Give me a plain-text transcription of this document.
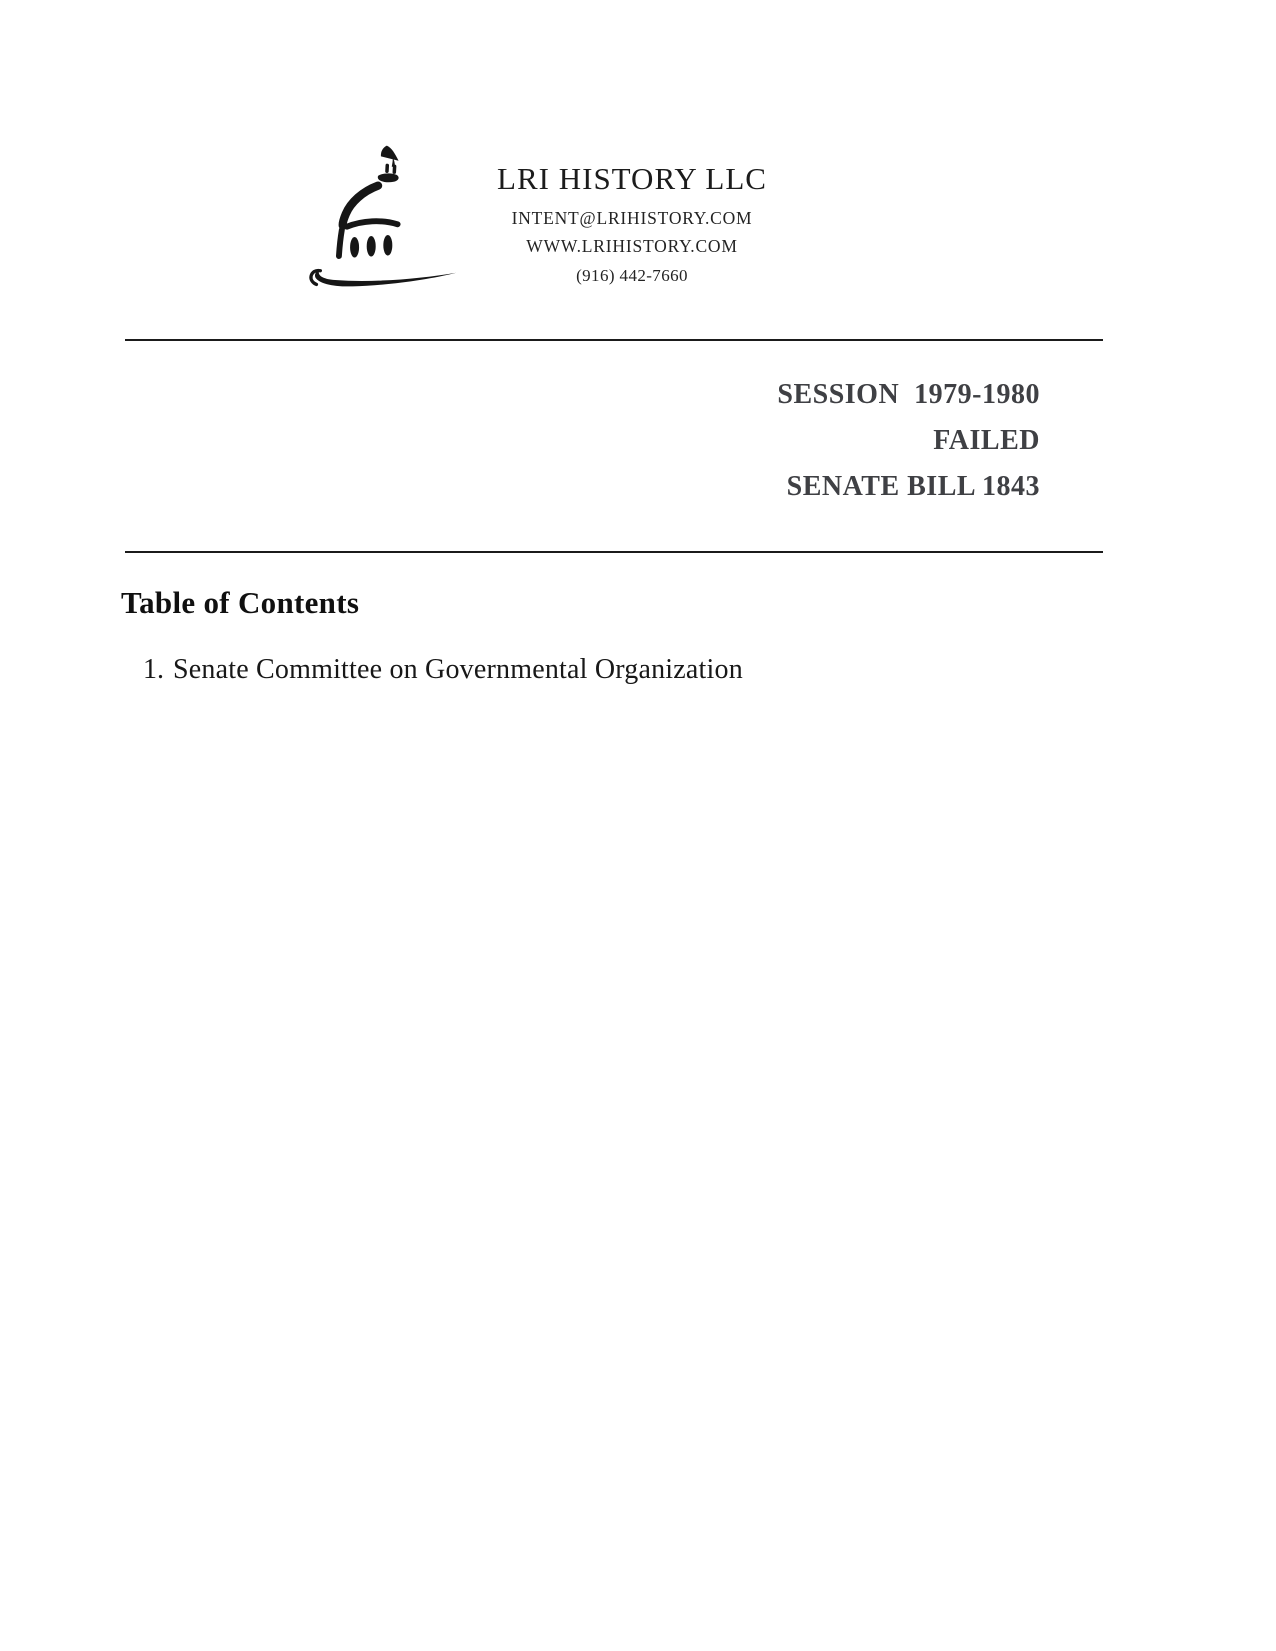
LRI HISTORY LLC
INTENT@LRIHISTORY.COM
WWW.LRIHISTORY.COM
(916) 442-7660
SESSION  1979-1980
FAILED
SENATE BILL 1843
Table of Contents
1. Senate Committee on Governmental Organization
